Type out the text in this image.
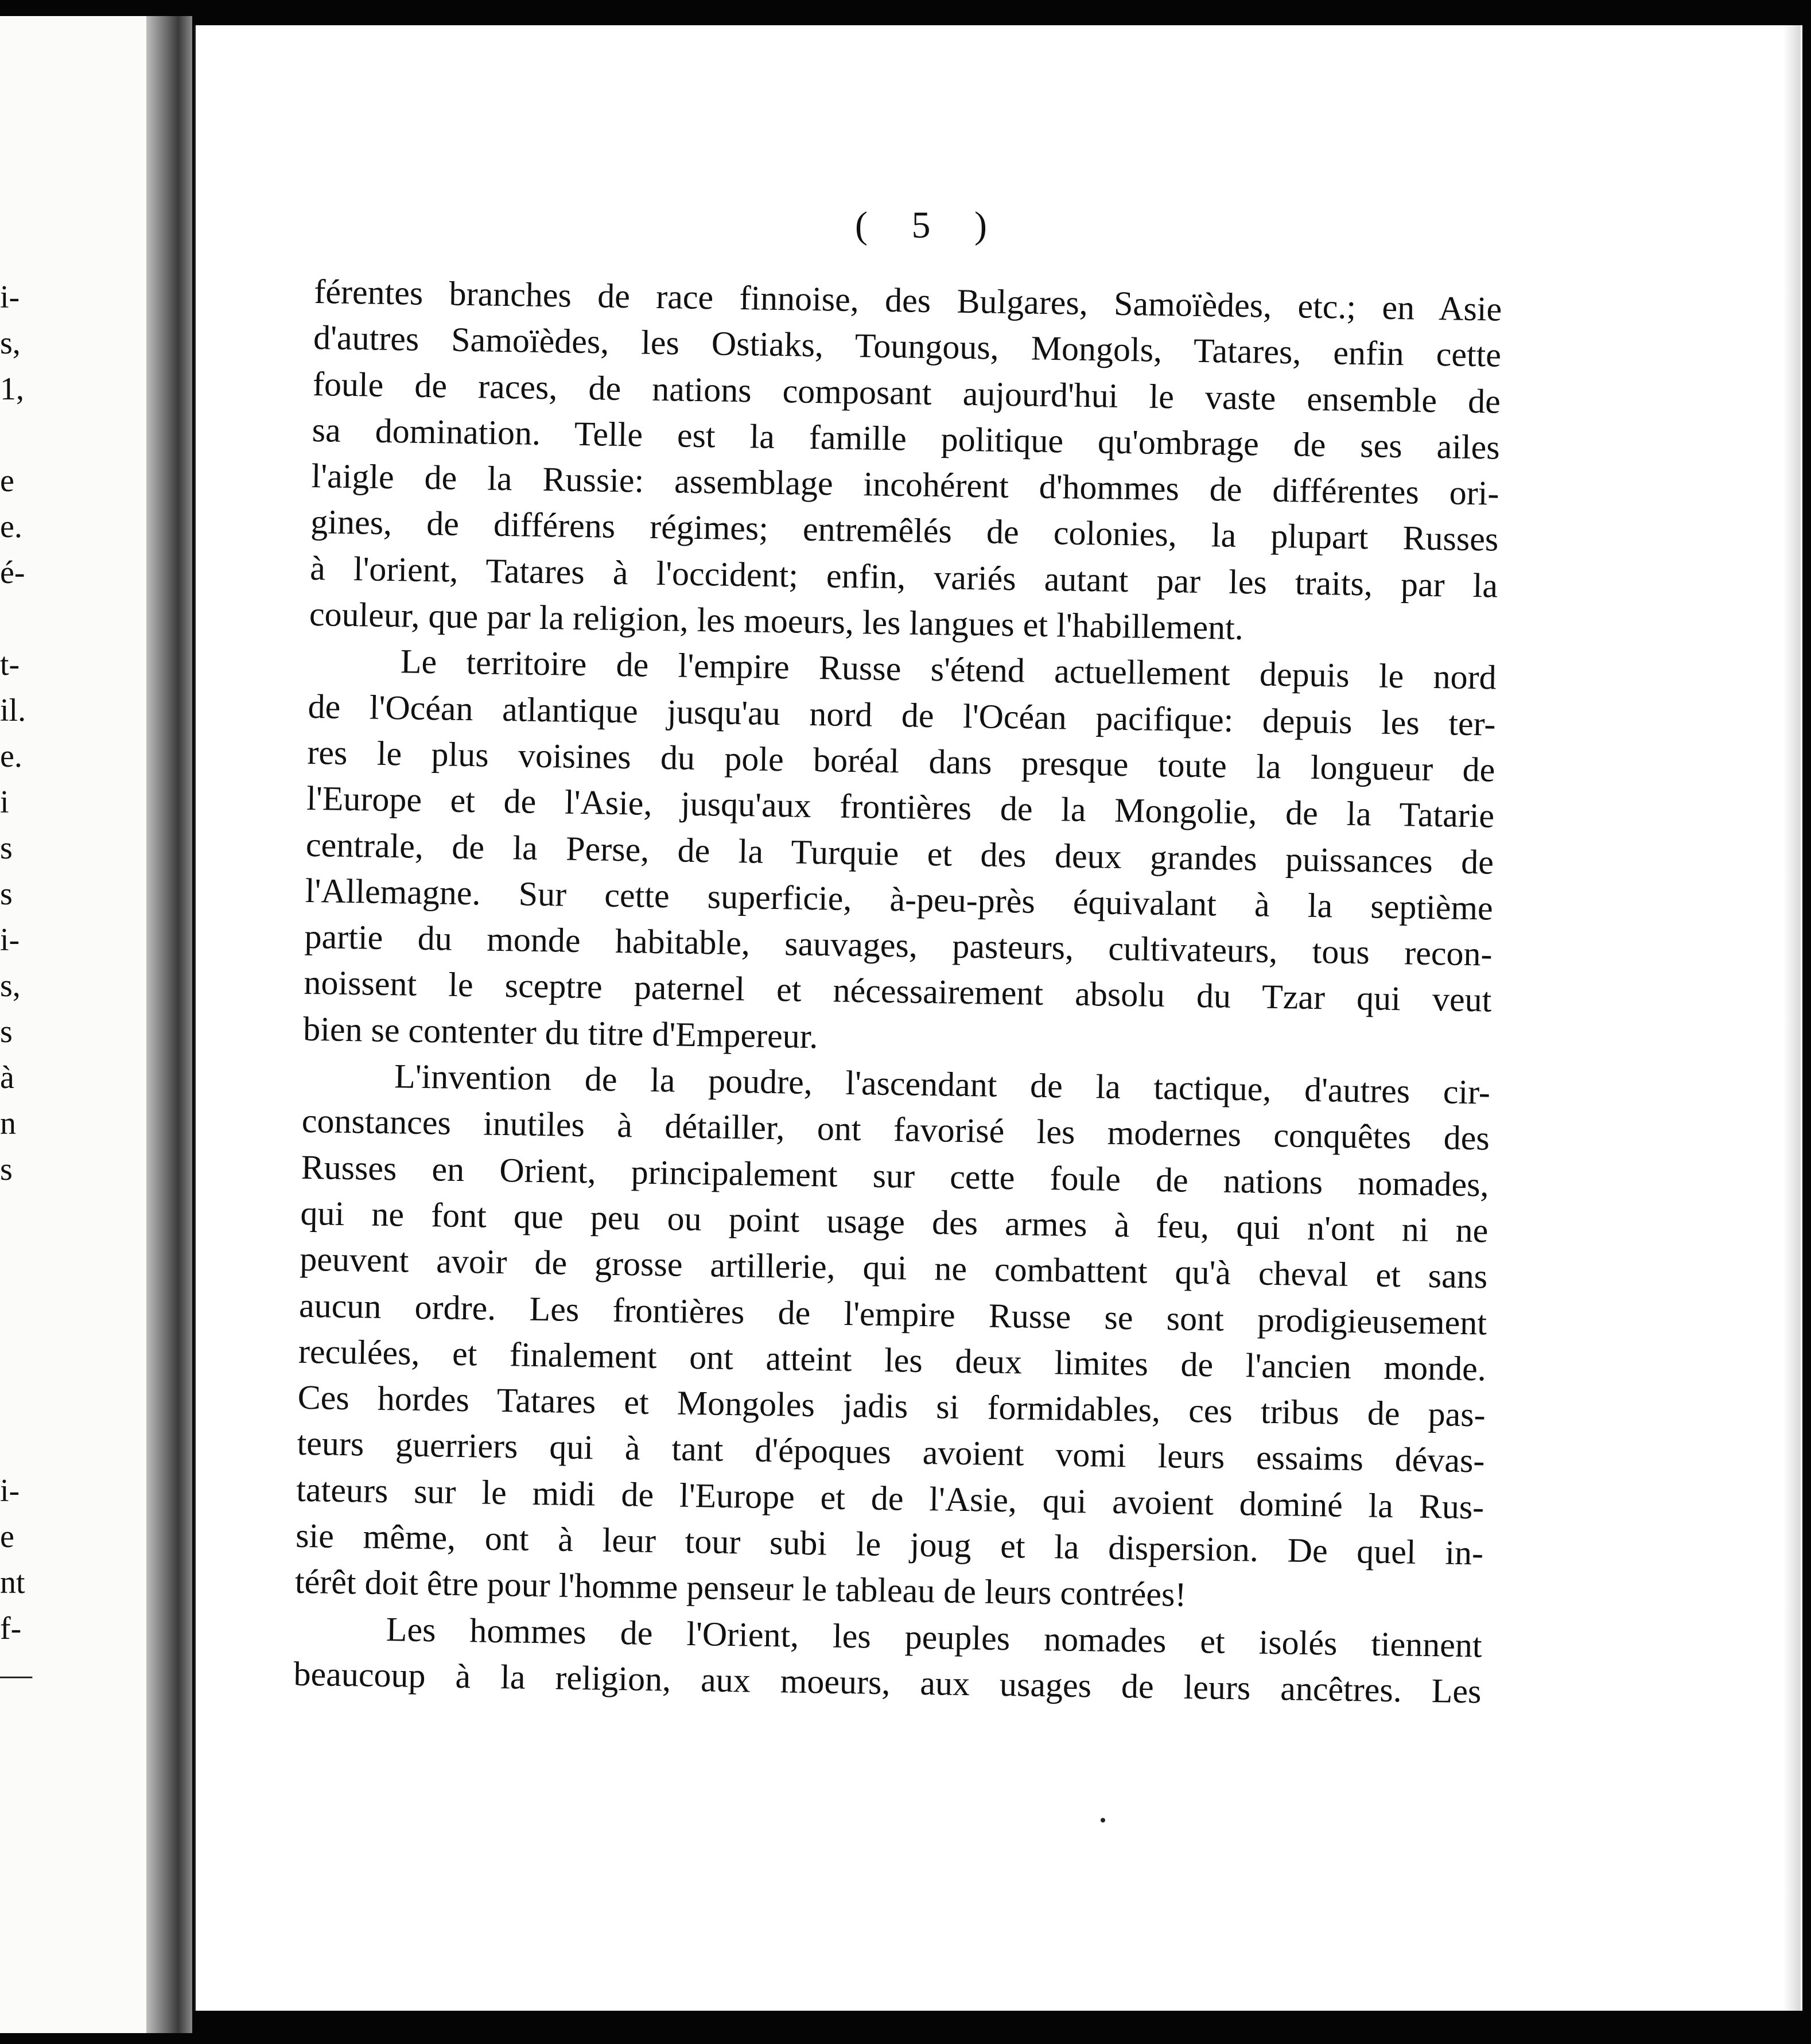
i-
s,
1,
e
e.
é-
t-
il.
e.
i
s
s
i-
s,
s
à
n
s
i-
e
nt
f-
—
( 5 )
férentes branches de race finnoise, des Bulgares, Samoïèdes, etc.; en Asie
d'autres Samoïèdes, les Ostiaks, Toungous, Mongols, Tatares, enfin cette
foule de races, de nations composant aujourd'hui le vaste ensemble de
sa domination. Telle est la famille politique qu'ombrage de ses ailes
l'aigle de la Russie: assemblage incohérent d'hommes de différentes ori-
gines, de différens régimes; entremêlés de colonies, la plupart Russes
à l'orient, Tatares à l'occident; enfin, variés autant par les traits, par la
couleur, que par la religion, les moeurs, les langues et l'habillement.
Le territoire de l'empire Russe s'étend actuellement depuis le nord
de l'Océan atlantique jusqu'au nord de l'Océan pacifique: depuis les ter-
res le plus voisines du pole boréal dans presque toute la longueur de
l'Europe et de l'Asie, jusqu'aux frontières de la Mongolie, de la Tatarie
centrale, de la Perse, de la Turquie et des deux grandes puissances de
l'Allemagne. Sur cette superficie, à-peu-près équivalant à la septième
partie du monde habitable, sauvages, pasteurs, cultivateurs, tous recon-
noissent le sceptre paternel et nécessairement absolu du Tzar qui veut
bien se contenter du titre d'Empereur.
L'invention de la poudre, l'ascendant de la tactique, d'autres cir-
constances inutiles à détailler, ont favorisé les modernes conquêtes des
Russes en Orient, principalement sur cette foule de nations nomades,
qui ne font que peu ou point usage des armes à feu, qui n'ont ni ne
peuvent avoir de grosse artillerie, qui ne combattent qu'à cheval et sans
aucun ordre. Les frontières de l'empire Russe se sont prodigieusement
reculées, et finalement ont atteint les deux limites de l'ancien monde.
Ces hordes Tatares et Mongoles jadis si formidables, ces tribus de pas-
teurs guerriers qui à tant d'époques avoient vomi leurs essaims dévas-
tateurs sur le midi de l'Europe et de l'Asie, qui avoient dominé la Rus-
sie même, ont à leur tour subi le joug et la dispersion. De quel in-
térêt doit être pour l'homme penseur le tableau de leurs contrées!
Les hommes de l'Orient, les peuples nomades et isolés tiennent
beaucoup à la religion, aux moeurs, aux usages de leurs ancêtres. Les
